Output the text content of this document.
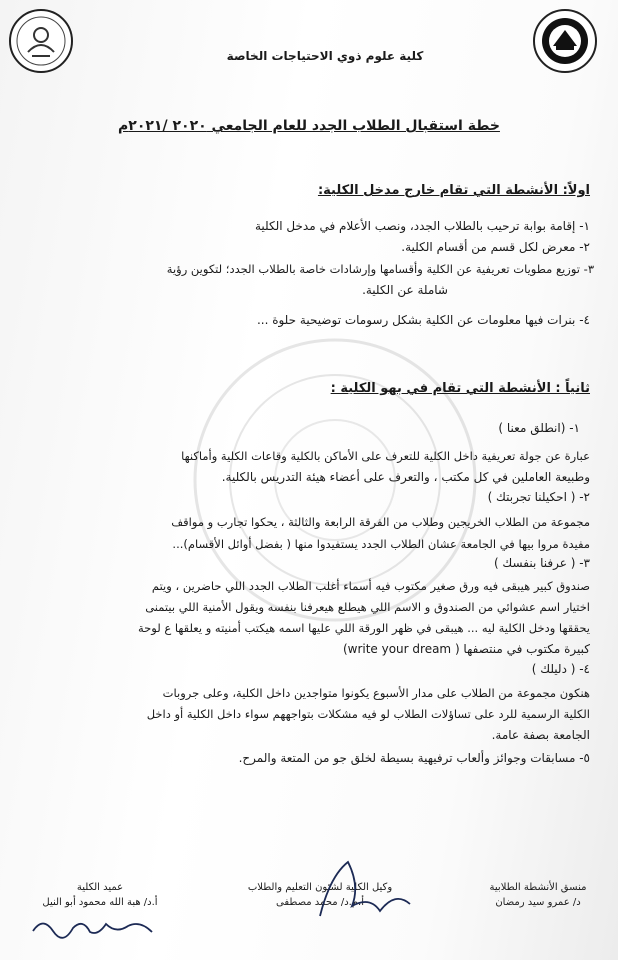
كلية علوم ذوي الاحتياجات الخاصة
خطة استقبال الطلاب الجدد للعام الجامعي ٢٠٢٠ /٢٠٢١م
اولاً: الأنشطة التي تقام خارج مدخل الكلية:
١- إقامة بوابة ترحيب بالطلاب الجدد، ونصب الأعلام في مدخل الكلية
٢- معرض لكل قسم من أقسام الكلية.
٣- توزيع مطويات تعريفية عن الكلية وأقسامها وإرشادات خاصة بالطلاب الجدد؛ لتكوين رؤية
شاملة عن الكلية.
٤- بنرات فيها معلومات عن الكلية بشكل رسومات توضيحية حلوة ...
ثانياً : الأنشطة التي تقام في بهو الكلية :
١- (انطلق معنا )
عبارة عن جولة تعريفية داخل الكلية للتعرف على الأماكن بالكلية وقاعات الكلية وأماكنها
وطبيعة العاملين في كل مكتب ، والتعرف على أعضاء هيئة التدريس بالكلية.
٢- ( احكيلنا تجربتك )
مجموعة من الطلاب الخريجين وطلاب من الفرقة الرابعة والثالثة ، يحكوا تجارب و مواقف
مفيدة مروا بيها في الجامعة عشان الطلاب الجدد يستفيدوا منها ( بفضل أوائل الأقسام)...
٣- ( عرفنا بنفسك )
صندوق كبير هيبقى فيه ورق صغير مكتوب فيه أسماء أغلب الطلاب الجدد اللي حاضرين ، ويتم
اختيار اسم عشوائي من الصندوق و الاسم اللي هيطلع هيعرفنا بنفسه ويقول الأمنية اللي بيتمنى
يحققها ودخل الكلية ليه ... هيبقى في ظهر الورقة اللي عليها اسمه هيكتب أمنيته و يعلقها ع لوحة
كبيرة مكتوب في منتصفها ( write your dream)
٤- ( دليلك )
هنكون مجموعة من الطلاب على مدار الأسبوع يكونوا متواجدين داخل الكلية، وعلى جروبات
الكلية الرسمية للرد على تساؤلات الطلاب لو فيه مشكلات بتواجههم سواء داخل الكلية أو داخل
الجامعة بصفة عامة.
٥- مسابقات وجوائز وألعاب ترفيهية بسيطة لخلق جو من المتعة والمرح.
عميد الكلية
أ.د/ هبة الله محمود أبو النيل
وكيل الكلية لشئون التعليم والطلاب
أ.م.د/ محمد مصطفى
منسق الأنشطة الطلابية
د/ عمرو سيد رمضان
